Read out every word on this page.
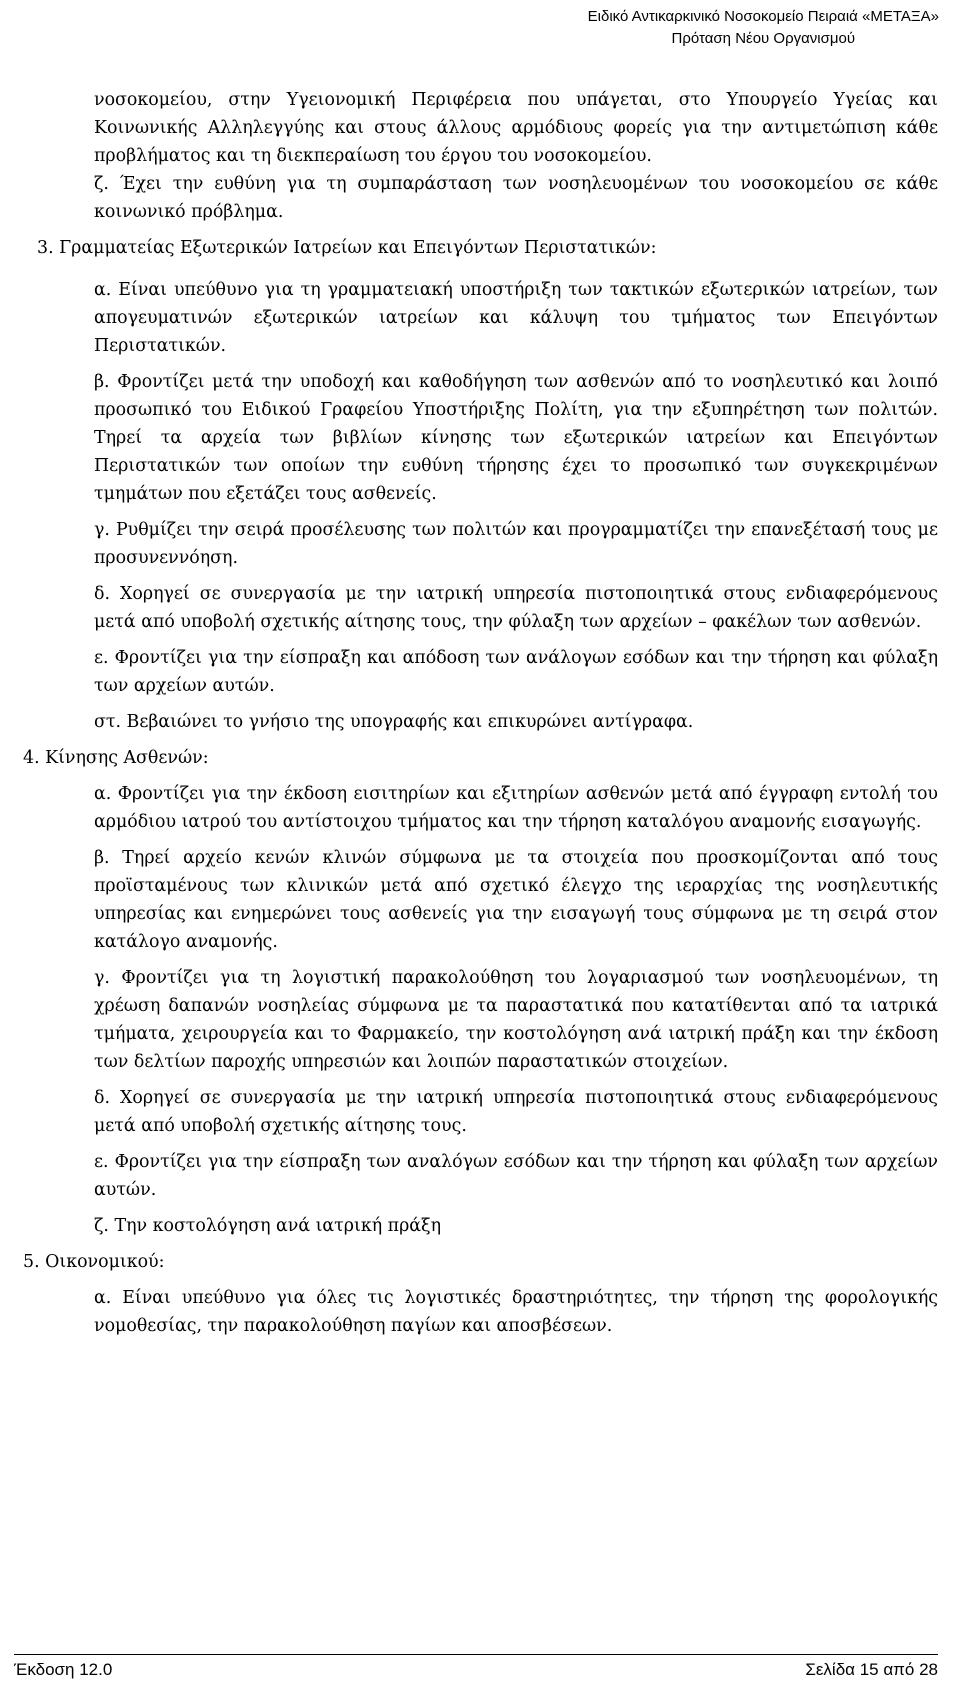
Ειδικό Αντικαρκινικό Νοσοκομείο Πειραιά «ΜΕΤΑΞΑ»
Πρόταση Νέου Οργανισμού

νοσοκομείου, στην Υγειονομική Περιφέρεια που υπάγεται, στο Υπουργείο Υγείας και Κοινωνικής Αλληλεγγύης και στους άλλους αρμόδιους φορείς για την αντιμετώπιση κάθε προβλήματος και τη διεκπεραίωση του έργου του νοσοκομείου.

ζ. Έχει την ευθύνη για τη συμπαράσταση των νοσηλευομένων του νοσοκομείου σε κάθε κοινωνικό πρόβλημα.

3. Γραμματείας Εξωτερικών Ιατρείων και Επειγόντων Περιστατικών:

α. Είναι υπεύθυνο για τη γραμματειακή υποστήριξη των τακτικών εξωτερικών ιατρείων, των απογευματινών εξωτερικών ιατρείων και κάλυψη του τμήματος των Επειγόντων Περιστατικών.

β. Φροντίζει μετά την υποδοχή και καθοδήγηση των ασθενών από το νοσηλευτικό και λοιπό προσωπικό του Ειδικού Γραφείου Υποστήριξης Πολίτη, για την εξυπηρέτηση των πολιτών. Τηρεί τα αρχεία των βιβλίων κίνησης των εξωτερικών ιατρείων και Επειγόντων Περιστατικών των οποίων την ευθύνη τήρησης έχει το προσωπικό των συγκεκριμένων τμημάτων που εξετάζει τους ασθενείς.

γ. Ρυθμίζει την σειρά προσέλευσης των πολιτών και προγραμματίζει την επανεξέτασή τους με προσυνεννόηση.

δ. Χορηγεί σε συνεργασία με την ιατρική υπηρεσία πιστοποιητικά στους ενδιαφερόμενους μετά από υποβολή σχετικής αίτησης τους, την φύλαξη των αρχείων – φακέλων των ασθενών.

ε. Φροντίζει για την είσπραξη και απόδοση των ανάλογων εσόδων και την τήρηση και φύλαξη των αρχείων αυτών.

στ. Βεβαιώνει το γνήσιο της υπογραφής και επικυρώνει αντίγραφα.

4. Κίνησης Ασθενών:

α. Φροντίζει για την έκδοση εισιτηρίων και εξιτηρίων ασθενών μετά από έγγραφη εντολή του αρμόδιου ιατρού του αντίστοιχου τμήματος και την τήρηση καταλόγου αναμονής εισαγωγής.

β. Τηρεί αρχείο κενών κλινών σύμφωνα με τα στοιχεία που προσκομίζονται από τους προϊσταμένους των κλινικών μετά από σχετικό έλεγχο της ιεραρχίας της νοσηλευτικής υπηρεσίας και ενημερώνει τους ασθενείς για την εισαγωγή τους σύμφωνα με τη σειρά στον κατάλογο αναμονής.

γ. Φροντίζει για τη λογιστική παρακολούθηση του λογαριασμού των νοσηλευομένων, τη χρέωση δαπανών νοσηλείας σύμφωνα με τα παραστατικά που κατατίθενται από τα ιατρικά τμήματα, χειρουργεία και το Φαρμακείο, την κοστολόγηση ανά ιατρική πράξη και την έκδοση των δελτίων παροχής υπηρεσιών και λοιπών παραστατικών στοιχείων.

δ. Χορηγεί σε συνεργασία με την ιατρική υπηρεσία πιστοποιητικά στους ενδιαφερόμενους μετά από υποβολή σχετικής αίτησης τους.

ε. Φροντίζει για την είσπραξη των αναλόγων εσόδων και την τήρηση και φύλαξη των αρχείων αυτών.

ζ. Την κοστολόγηση ανά ιατρική πράξη

5. Οικονομικού:

α. Είναι υπεύθυνο για όλες τις λογιστικές δραστηριότητες, την τήρηση της φορολογικής νομοθεσίας, την παρακολούθηση παγίων και αποσβέσεων.

Έκδοση 12.0	Σελίδα 15 από 28
